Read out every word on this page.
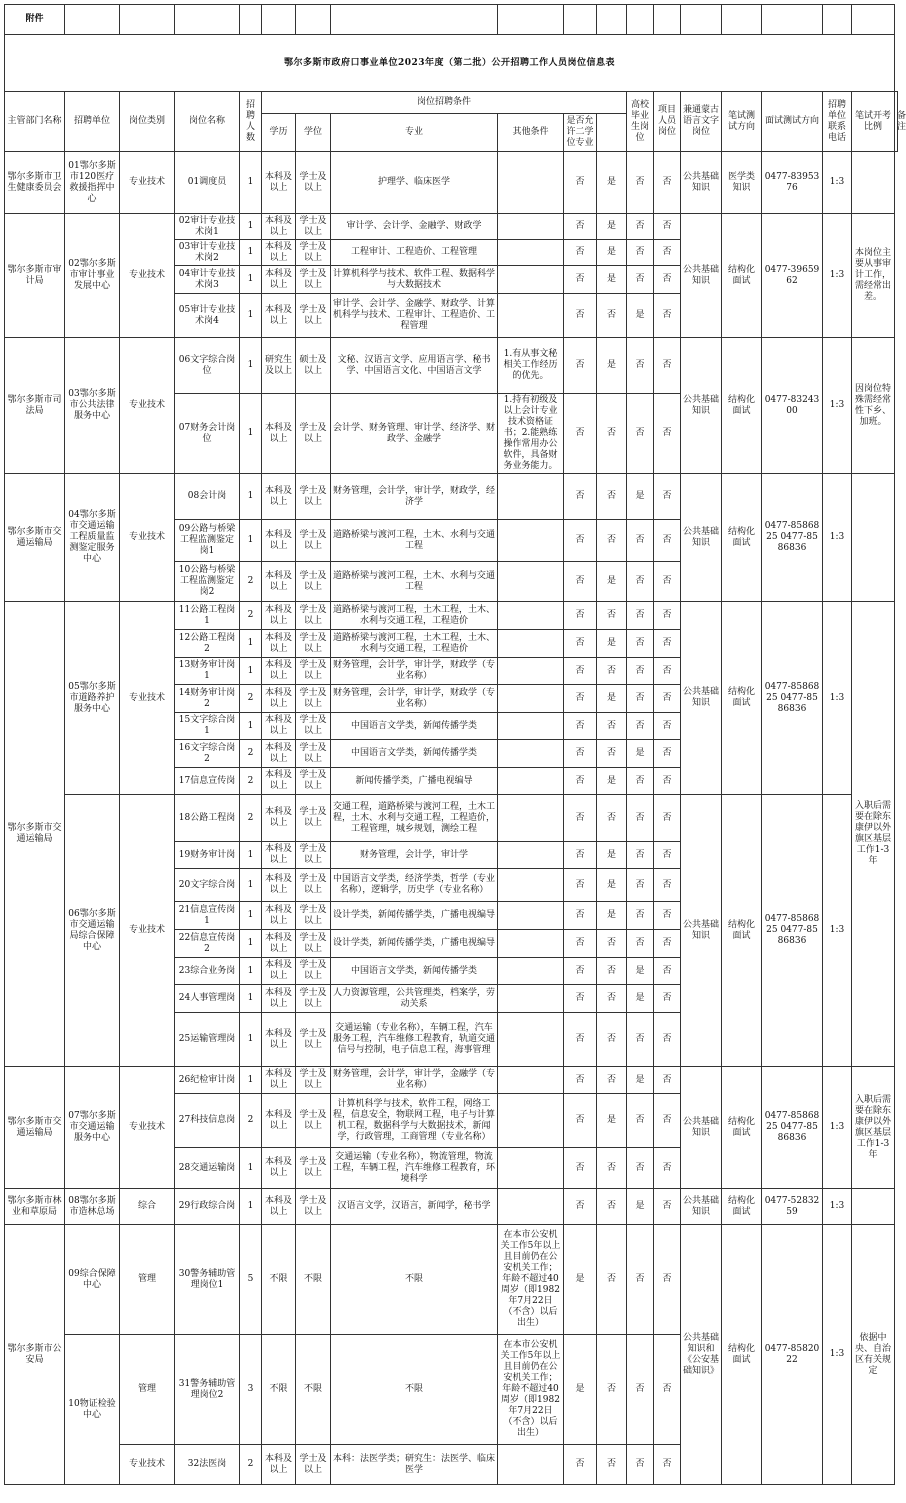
附件																		
鄂尔多斯市政府口事业单位2023年度（第二批）公开招聘工作人员岗位信息表																		
主管部门名称	招聘单位	岗位类别	岗位名称	招聘人数	岗位招聘条件						高校毕业生岗位	项目人员岗位	兼通蒙古语言文字岗位	笔试测试方向	面试测试方向	招聘单位联系电话	笔试开考比例	备注
					学历	学位	专业	其他条件	是否允许二学位专业									
鄂尔多斯市卫生健康委员会	01鄂尔多斯市120医疗救援指挥中心	专业技术	01调度员	1	本科及以上	学士及以上	护理学、临床医学		否	是	否	否	公共基础知识	医学类知识	0477-8395376	1:3		
鄂尔多斯市审计局	02鄂尔多斯市审计事业发展中心	专业技术	02审计专业技术岗1	1	本科及以上	学士及以上	审计学、会计学、金融学、财政学		否	是	否	否	公共基础知识	结构化面试	0477-3965962	1:3	本岗位主要从事审计工作，需经常出差。	
			03审计专业技术岗2	1	本科及以上	学士及以上	工程审计、工程造价、工程管理		否	是	否	否						
			04审计专业技术岗3	1	本科及以上	学士及以上	计算机科学与技术、软件工程、数据科学与大数据技术		否	是	否	否						
			05审计专业技术岗4	1	本科及以上	学士及以上	审计学、会计学、金融学、财政学、计算机科学与技术、工程审计、工程造价、工程管理		否	否	是	否						
鄂尔多斯市司法局	03鄂尔多斯市公共法律服务中心	专业技术	06文字综合岗位	1	研究生及以上	硕士及以上	文秘、汉语言文学、应用语言学、秘书学、中国语言文化、中国语言文学	1.有从事文秘相关工作经历的优先。	否	是	否	否	公共基础知识	结构化面试	0477-8324300	1:3	因岗位特殊需经常性下乡、加班。	
			07财务会计岗位	1	本科及以上	学士及以上	会计学、财务管理、审计学、经济学、财政学、金融学	1.持有初级及以上会计专业技术资格证书；2.能熟练操作常用办公软件，具备财务业务能力。	否	否	否	否						
鄂尔多斯市交通运输局	04鄂尔多斯市交通运输工程质量监测鉴定服务中心	专业技术	08会计岗	1	本科及以上	学士及以上	财务管理，会计学，审计学，财政学，经济学		否	否	是	否	公共基础知识	结构化面试	0477-8586825 0477-8586836	1:3		
			09公路与桥梁工程监测鉴定岗1	1	本科及以上	学士及以上	道路桥梁与渡河工程，土木、水利与交通工程		否	否	否	否						
			10公路与桥梁工程监测鉴定岗2	2	本科及以上	学士及以上	道路桥梁与渡河工程，土木、水利与交通工程		否	是	否	否						
鄂尔多斯市交通运输局	05鄂尔多斯市道路养护服务中心	专业技术	11公路工程岗1	2	本科及以上	学士及以上	道路桥梁与渡河工程，土木工程，土木、水利与交通工程，工程造价		否	否	否	否	公共基础知识	结构化面试	0477-8586825 0477-8586836	1:3	入职后需要在除东康伊以外旗区基层工作1-3年	
			12公路工程岗2	1	本科及以上	学士及以上	道路桥梁与渡河工程，土木工程，土木、水利与交通工程，工程造价		否	是	否	否						
			13财务审计岗1	1	本科及以上	学士及以上	财务管理，会计学，审计学，财政学（专业名称）		否	否	否	否						
			14财务审计岗2	2	本科及以上	学士及以上	财务管理，会计学，审计学，财政学（专业名称）		否	是	否	否						
			15文字综合岗1	1	本科及以上	学士及以上	中国语言文学类，新闻传播学类		否	否	否	否						
			16文字综合岗2	2	本科及以上	学士及以上	中国语言文学类，新闻传播学类		否	否	是	否						
			17信息宣传岗	2	本科及以上	学士及以上	新闻传播学类，广播电视编导		否	是	否	否						
	06鄂尔多斯市交通运输局综合保障中心	专业技术	18公路工程岗	2	本科及以上	学士及以上	交通工程，道路桥梁与渡河工程，土木工程，土木、水利与交通工程，工程造价，工程管理，城乡规划，测绘工程		否	否	否	否	公共基础知识	结构化面试	0477-8586825 0477-8586836	1:3		
			19财务审计岗	1	本科及以上	学士及以上	财务管理，会计学，审计学		否	是	否	否						
			20文字综合岗	1	本科及以上	学士及以上	中国语言文学类，经济学类，哲学（专业名称），逻辑学，历史学（专业名称）		否	是	否	否						
			21信息宣传岗1	1	本科及以上	学士及以上	设计学类，新闻传播学类，广播电视编导		否	是	否	否						
			22信息宣传岗2	1	本科及以上	学士及以上	设计学类，新闻传播学类，广播电视编导		否	否	否	否						
			23综合业务岗	1	本科及以上	学士及以上	中国语言文学类，新闻传播学类		否	否	是	否						
			24人事管理岗	1	本科及以上	学士及以上	人力资源管理，公共管理类，档案学，劳动关系		否	否	是	否						
			25运输管理岗	1	本科及以上	学士及以上	交通运输（专业名称），车辆工程，汽车服务工程，汽车维修工程教育，轨道交通信号与控制，电子信息工程，海事管理		否	否	否	否						
鄂尔多斯市交通运输局	07鄂尔多斯市交通运输服务中心	专业技术	26纪检审计岗	1	本科及以上	学士及以上	财务管理，会计学，审计学，金融学（专业名称）		否	否	是	否	公共基础知识	结构化面试	0477-8586825 0477-8586836	1:3	入职后需要在除东康伊以外旗区基层工作1-3年	
			27科技信息岗	2	本科及以上	学士及以上	计算机科学与技术，软件工程，网络工程，信息安全，物联网工程，电子与计算机工程，数据科学与大数据技术，新闻学，行政管理，工商管理（专业名称）		否	是	否	否						
			28交通运输岗	1	本科及以上	学士及以上	交通运输（专业名称），物流管理，物流工程，车辆工程，汽车维修工程教育，环境科学		否	否	否	否						
鄂尔多斯市林业和草原局	08鄂尔多斯市造林总场	综合	29行政综合岗	1	本科及以上	学士及以上	汉语言文学，汉语言，新闻学，秘书学		否	否	是	否	公共基础知识	结构化面试	0477-5283259	1:3		
鄂尔多斯市公安局	09综合保障中心	管理	30警务辅助管理岗位1	5	不限	不限	不限	在本市公安机关工作5年以上且目前仍在公安机关工作；年龄不超过40周岁（即1982年7月22日（不含）以后出生）	是	否	否	否	公共基础知识和《公安基础知识》	结构化面试	0477-8582022	1:3	依据中央、自治区有关规定	
	10物证检验中心	管理	31警务辅助管理岗位2	3	不限	不限	不限	在本市公安机关工作5年以上且目前仍在公安机关工作；年龄不超过40周岁（即1982年7月22日（不含）以后出生）	是	否	否	否						
		专业技术	32法医岗	2	本科及以上	学士及以上	本科：法医学类；研究生：法医学、临床医学		否	否	否	否						
